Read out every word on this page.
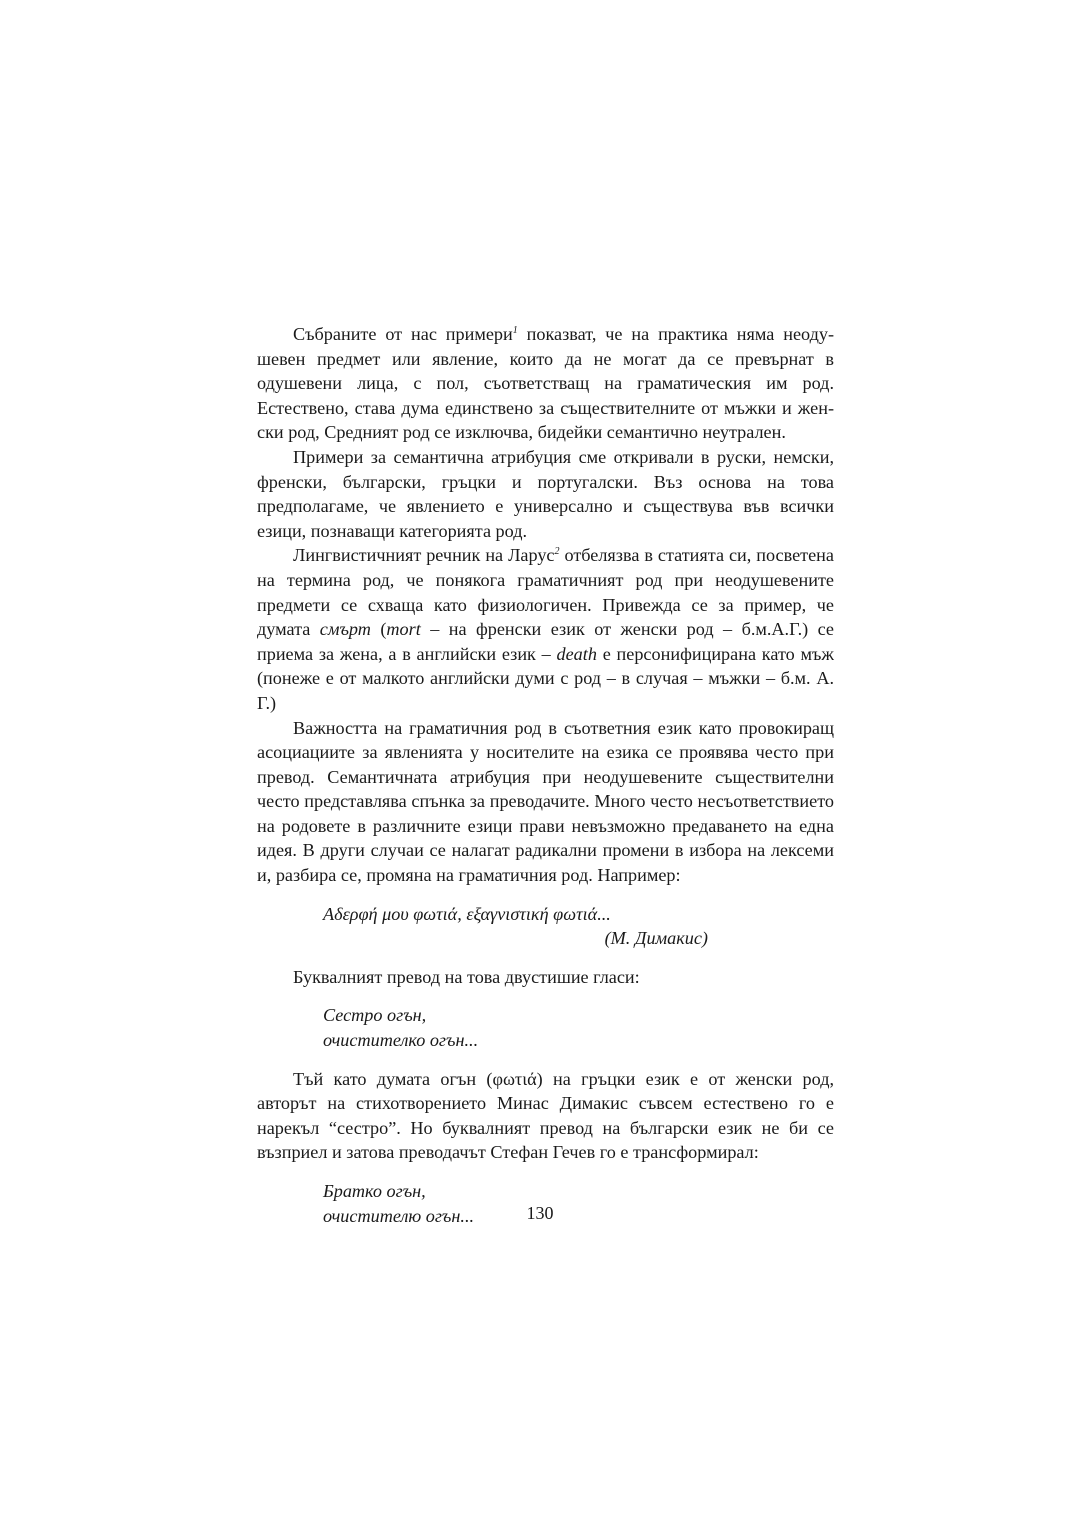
Събраните от нас примери$^1$ показват, че на практика няма неодушевен предмет или явление, които да не могат да се превърнат в одушевени лица, с пол, съответстващ на граматическия им род. Естествено, става дума единствено за съществителните от мъжки и женски род, Средният род се изключва, бидейки семантично неутрален.

Примери за семантична атрибуция сме откривали в руски, немски, френски, български, гръцки и португалски. Въз основа на това предполагаме, че явлението е универсално и съществува във всички езици, познаващи категорията род.

Лингвистичният речник на Ларус$^2$ отбелязва в статията си, посветена на термина род, че понякога граматичният род при неодушевените предмети се схваща като физиологичен. Привежда се за пример, че думата смърт (mort – на френски език от женски род – б.м.А.Г.) се приема за жена, а в английски език – death е персонифицирана като мъж (понеже е от малкото английски думи с род – в случая – мъжки – б.м. А. Г.)

Важността на граматичния род в съответния език като провокиращ асоциациите за явленията у носителите на езика се проявява често при превод. Семантичната атрибуция при неодушевените съществителни често представлява спънка за преводачите. Много често несъответствието на родовете в различните езици прави невъзможно предаването на една идея. В други случаи се налагат радикални промени в избора на лексеми и, разбира се, промяна на граматичния род. Например:

Αδερφή μου φωτιά, εξαγνιστική φωτιά...
(М. Димакис)

Буквалният превод на това двустишие гласи:

Сестро огън,
очистителко огън...

Тъй като думата огън (φωτιά) на гръцки език е от женски род, авторът на стихотворението Минас Димакис съвсем естествено го е нарекъл “сестро”. Но буквалният превод на български език не би се възприел и затова преводачът Стефан Гечев го е трансформирал:

Братко огън,
очистителю огън...	130
